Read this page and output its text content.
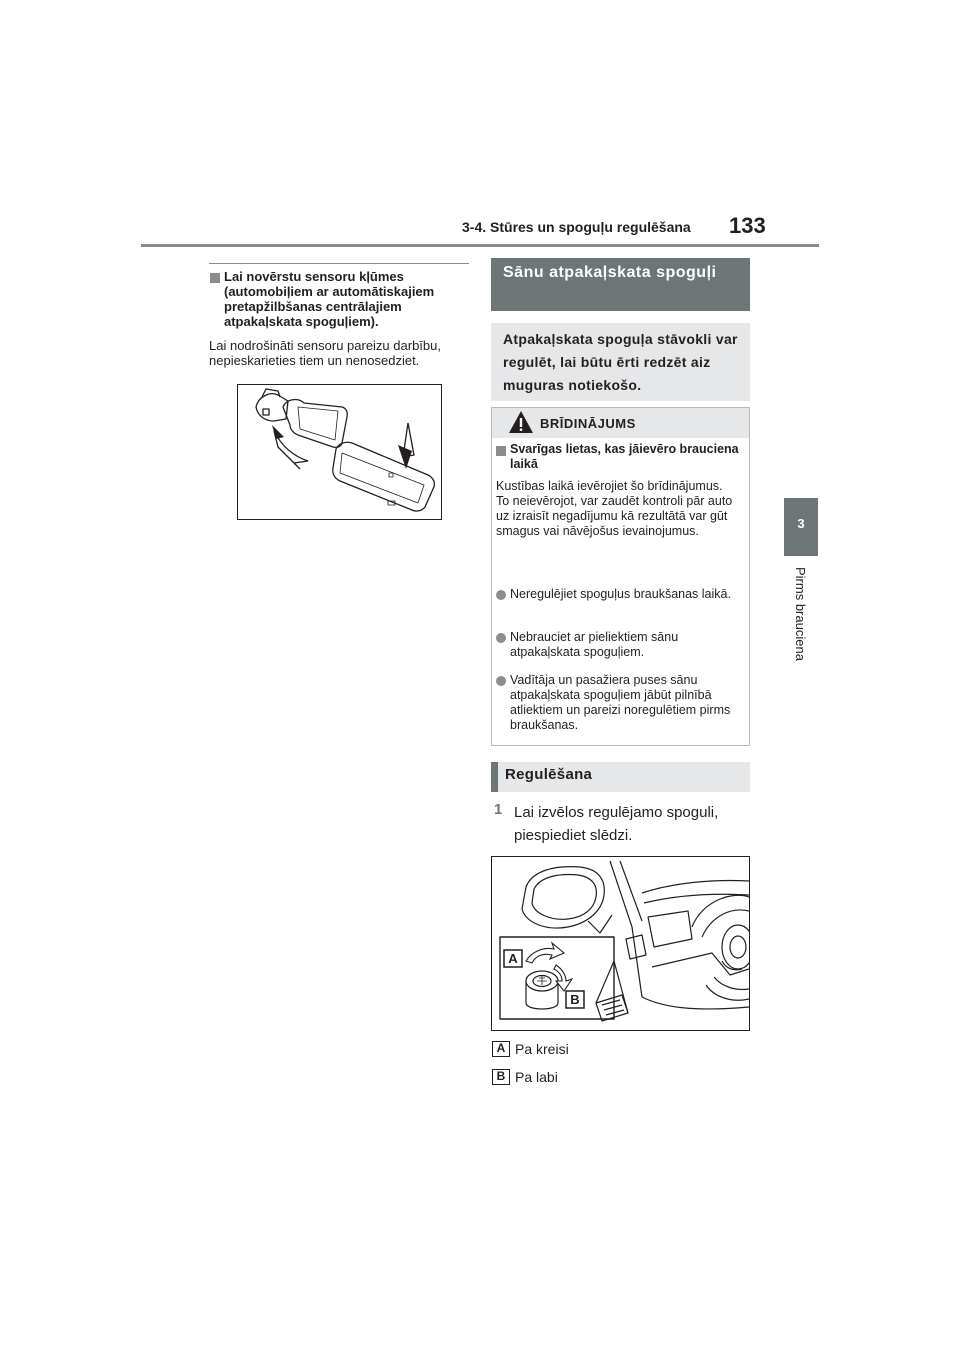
3-4. Stūres un spoguļu regulēšana 133
3
Pirms brauciena
Lai novērstu sensoru kļūmes (automobiļiem ar automātiskajiem pretapžilbšanas centrālajiem atpakaļskata spoguļiem).
Lai nodrošināti sensoru pareizu darbību, nepieskarieties tiem un nenosedziet.
Sānu atpakaļskata spoguļi
Atpakaļskata spoguļa stāvokli var regulēt, lai būtu ērti redzēt aiz muguras notiekošo.
BRĪDINĀJUMS
Svarīgas lietas, kas jāievēro brauciena laikā
Kustības laikā ievērojiet šo brīdinājumus.
To neievērojot, var zaudēt kontroli pār auto uz izraisīt negadījumu kā rezultātā var gūt smagus vai nāvējošus ievainojumus.
Neregulējiet spoguļus braukšanas laikā.
Nebrauciet ar pieliektiem sānu atpakaļskata spoguļiem.
Vadītāja un pasažiera puses sānu atpakaļskata spoguļiem jābūt pilnībā atliektiem un pareizi noregulētiem pirms braukšanas.
Regulēšana
1 Lai izvēlos regulējamo spoguli, piespiediet slēdzi.
A
B
A Pa kreisi
B Pa labi
